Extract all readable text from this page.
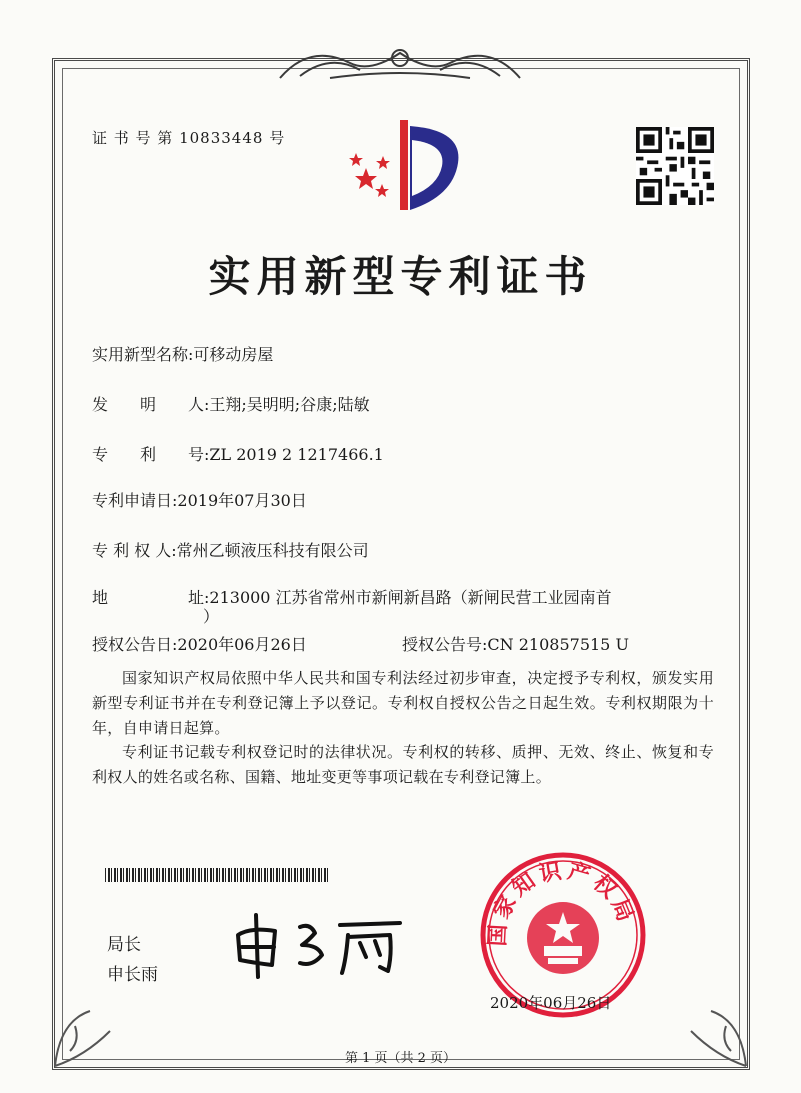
证 书 号 第 10833448 号
实用新型专利证书
实用新型名称:可移动房屋
发　　明　　人:王翔;吴明明;谷康;陆敏
专　　利　　号:ZL 2019 2 1217466.1
专利申请日:2019年07月30日
专 利 权 人:常州乙顿液压科技有限公司
地　　　　　址:213000 江苏省常州市新闸新昌路（新闸民营工业园南首
）
授权公告日:2020年06月26日	授权公告号:CN 210857515 U
国家知识产权局依照中华人民共和国专利法经过初步审查，决定授予专利权，颁发实用新型专利证书并在专利登记簿上予以登记。专利权自授权公告之日起生效。专利权期限为十年，自申请日起算。
专利证书记载专利权登记时的法律状况。专利权的转移、质押、无效、终止、恢复和专利权人的姓名或名称、国籍、地址变更等事项记载在专利登记簿上。
局长
申长雨
国家知识产权局
2020年06月26日
第 1 页（共 2 页）
